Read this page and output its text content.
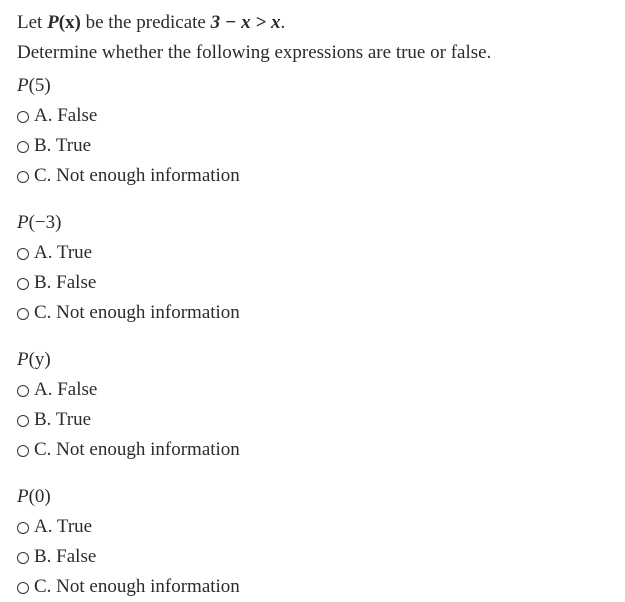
Let P(x) be the predicate 3 − x > x.
Determine whether the following expressions are true or false.
P(5)
A. False
B. True
C. Not enough information
P(−3)
A. True
B. False
C. Not enough information
P(y)
A. False
B. True
C. Not enough information
P(0)
A. True
B. False
C. Not enough information
